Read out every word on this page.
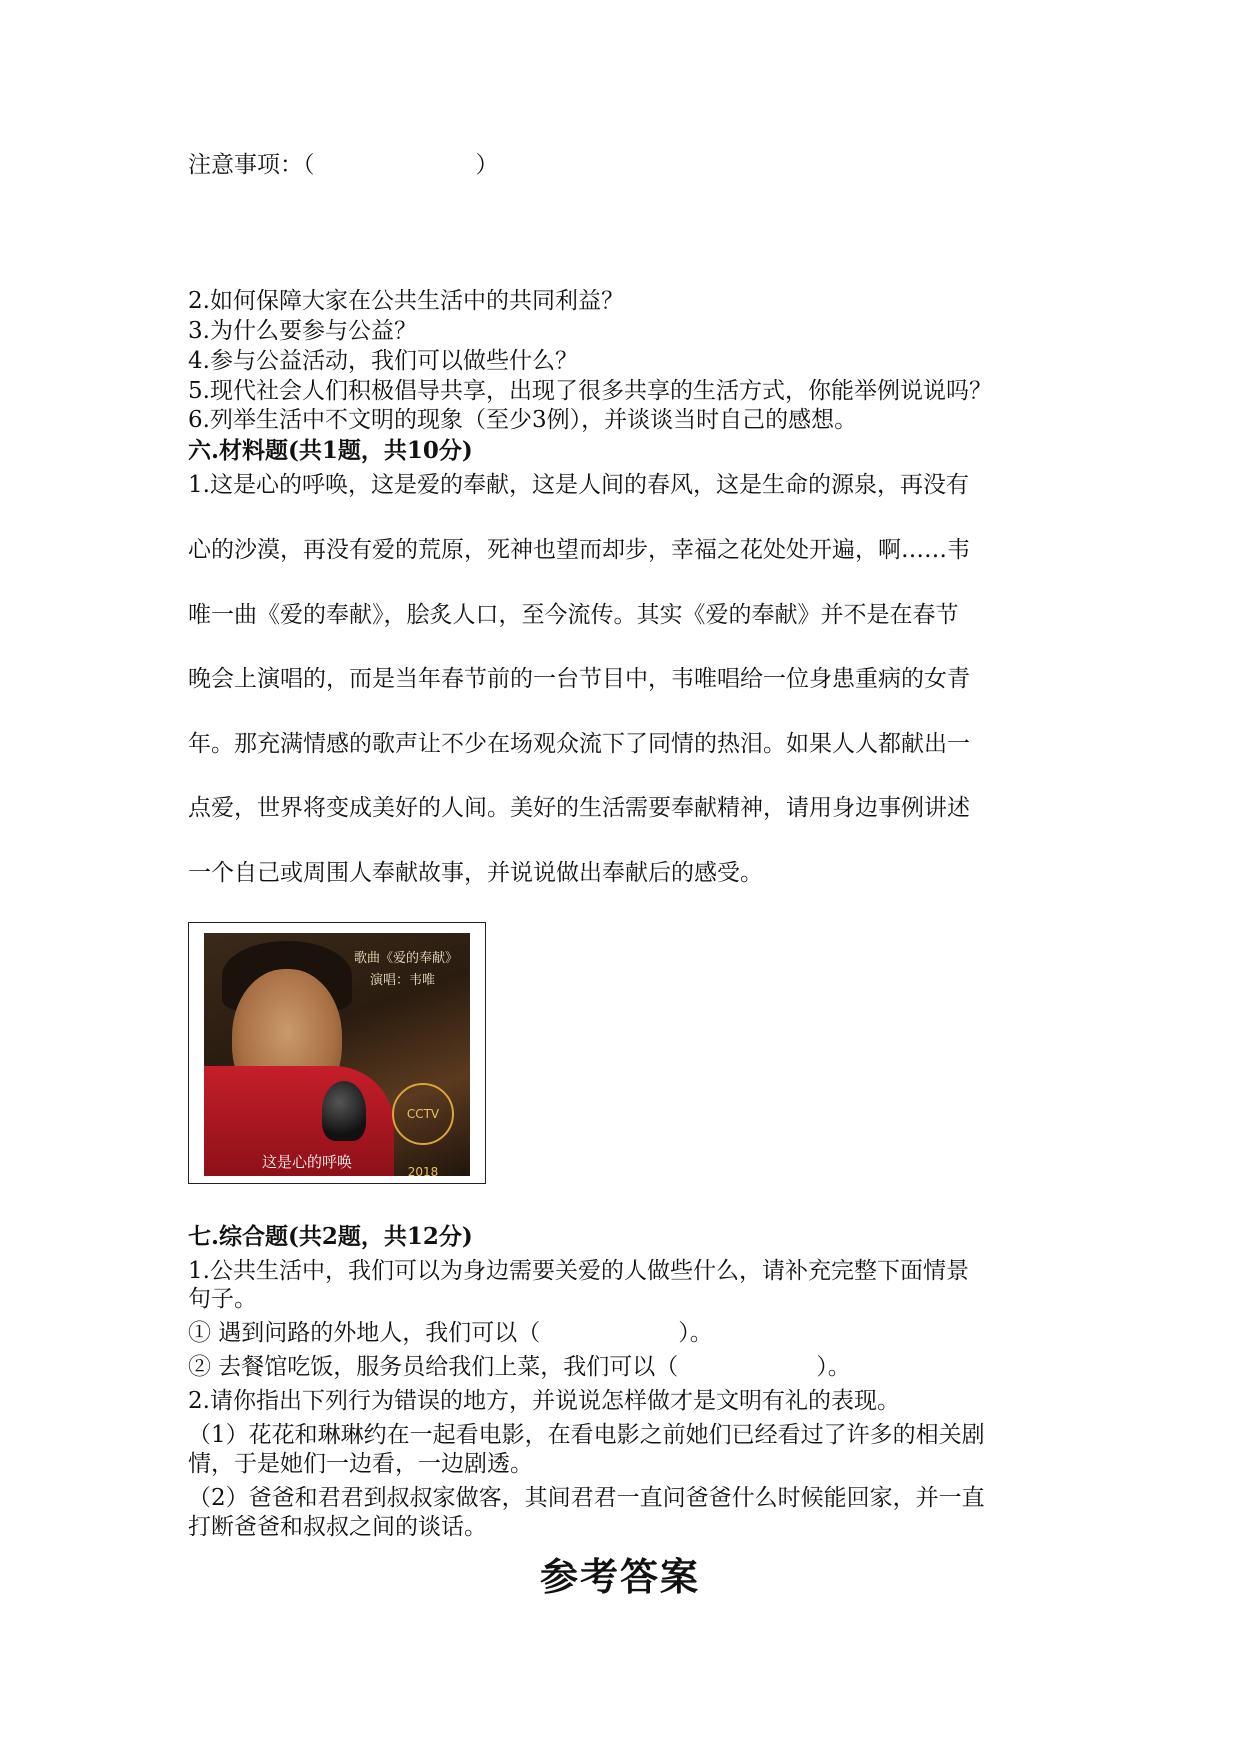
注意事项：（　　　　　　　）
2.如何保障大家在公共生活中的共同利益？
3.为什么要参与公益？
4.参与公益活动，我们可以做些什么？
5.现代社会人们积极倡导共享，出现了很多共享的生活方式，你能举例说说吗？
6.列举生活中不文明的现象（至少3例），并谈谈当时自己的感想。
六.材料题(共1题，共10分)
1.这是心的呼唤，这是爱的奉献，这是人间的春风，这是生命的源泉，再没有
心的沙漠，再没有爱的荒原，死神也望而却步，幸福之花处处开遍，啊……韦
唯一曲《爱的奉献》，脍炙人口，至今流传。其实《爱的奉献》并不是在春节
晚会上演唱的，而是当年春节前的一台节目中，韦唯唱给一位身患重病的女青
年。那充满情感的歌声让不少在场观众流下了同情的热泪。如果人人都献出一
点爱，世界将变成美好的人间。美好的生活需要奉献精神，请用身边事例讲述
一个自己或周围人奉献故事，并说说做出奉献后的感受。
歌曲《爱的奉献》
演唱：韦唯
CCTV 2018
这是心的呼唤
七.综合题(共2题，共12分)
1.公共生活中，我们可以为身边需要关爱的人做些什么，请补充完整下面情景
句子。
① 遇到问路的外地人，我们可以（　　　　　　）。
② 去餐馆吃饭，服务员给我们上菜，我们可以（　　　　　　）。
2.请你指出下列行为错误的地方，并说说怎样做才是文明有礼的表现。
（1）花花和琳琳约在一起看电影，在看电影之前她们已经看过了许多的相关剧
情，于是她们一边看，一边剧透。
（2）爸爸和君君到叔叔家做客，其间君君一直问爸爸什么时候能回家，并一直
打断爸爸和叔叔之间的谈话。
参考答案
